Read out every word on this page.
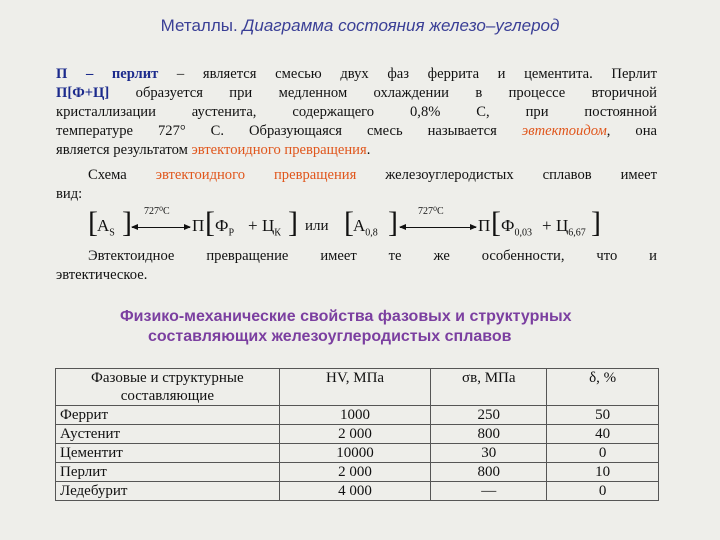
Металлы. Диаграмма состояния железо–углерод

П – перлит – является смесью двух фаз феррита и цементита. Перлит

П[Ф+Ц] образуется при медленном охлаждении в процессе вторичной

кристаллизации аустенита, содержащего 0,8% С, при постоянной

температуре 727° С. Образующаяся смесь называется эвтектоидом, она

является результатом эвтектоидного превращения.

Схема эвтектоидного превращения железоуглеродистых сплавов имеет

вид:

[ $A_S$ ] 727⁰С
П [ $Ф_Р + Ц_К$ ] или [ $A_{0,8}$ ] 727⁰С
П [ $Ф_{0,03} + Ц_{6,67}$ ]

Эвтектоидное превращение имеет те же особенности, что и

эвтектическое.

Физико-механические свойства фазовых и структурных
составляющих железоуглеродистых сплавов
Фазовые и структурные составляющие	HV, МПа	σв, МПа	δ, %
Феррит	1000	250	50
Аустенит	2 000	800	40
Цементит	10000	30	0
Перлит	2 000	800	10
Ледебурит	4 000	—	0
